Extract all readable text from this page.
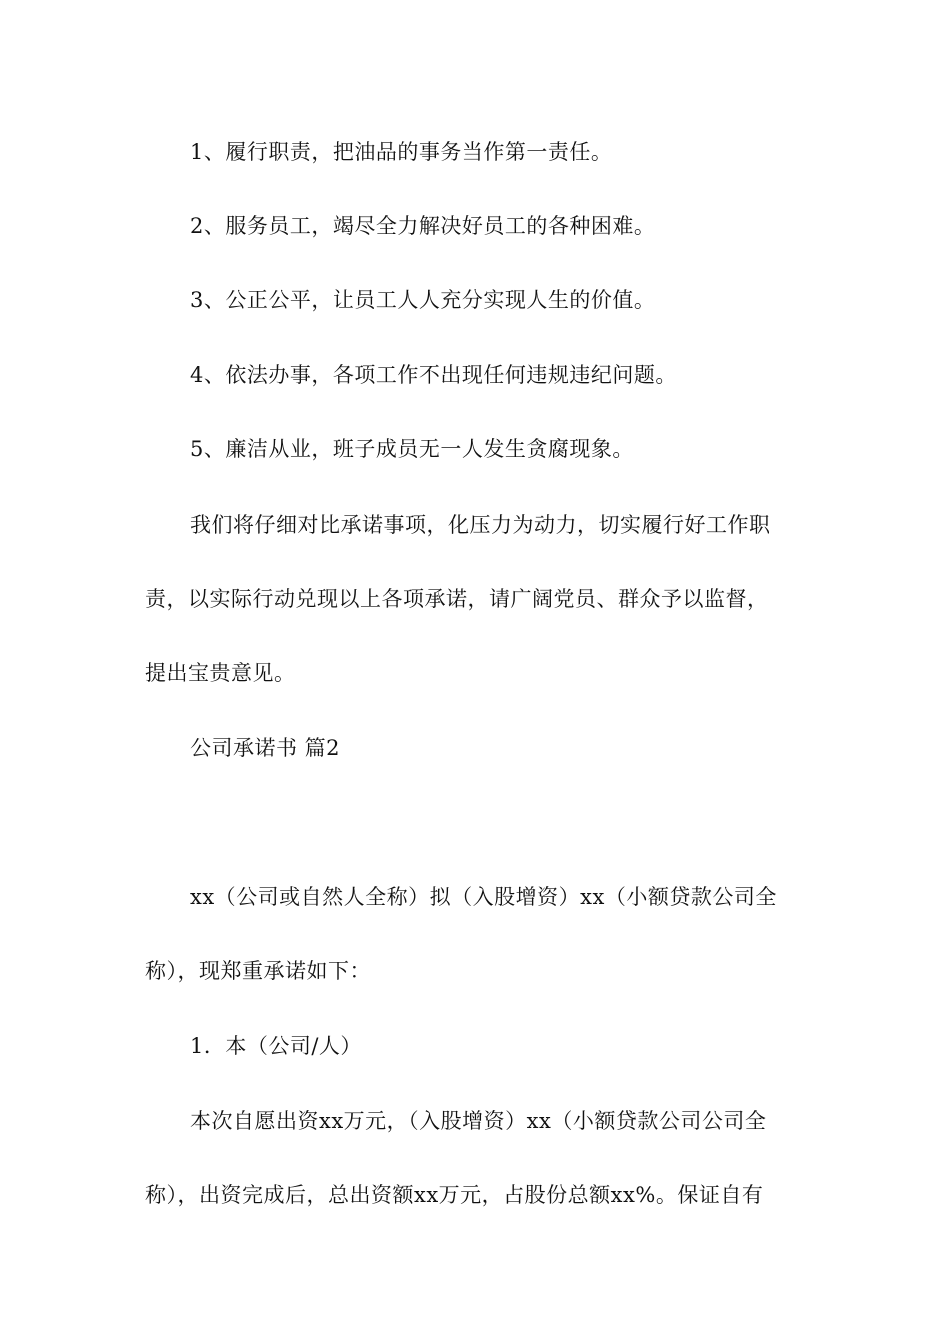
1、履行职责，把油品的事务当作第一责任。
2、服务员工，竭尽全力解决好员工的各种困难。
3、公正公平，让员工人人充分实现人生的价值。
4、依法办事，各项工作不出现任何违规违纪问题。
5、廉洁从业，班子成员无一人发生贪腐现象。
我们将仔细对比承诺事项，化压力为动力，切实履行好工作职
责，以实际行动兑现以上各项承诺，请广阔党员、群众予以监督，
提出宝贵意见。
公司承诺书 篇2
xx（公司或自然人全称）拟（入股增资）xx（小额贷款公司全
称），现郑重承诺如下：
1．本（公司/人）
本次自愿出资xx万元，（入股增资）xx（小额贷款公司公司全
称），出资完成后，总出资额xx万元，占股份总额xx%。保证自有
